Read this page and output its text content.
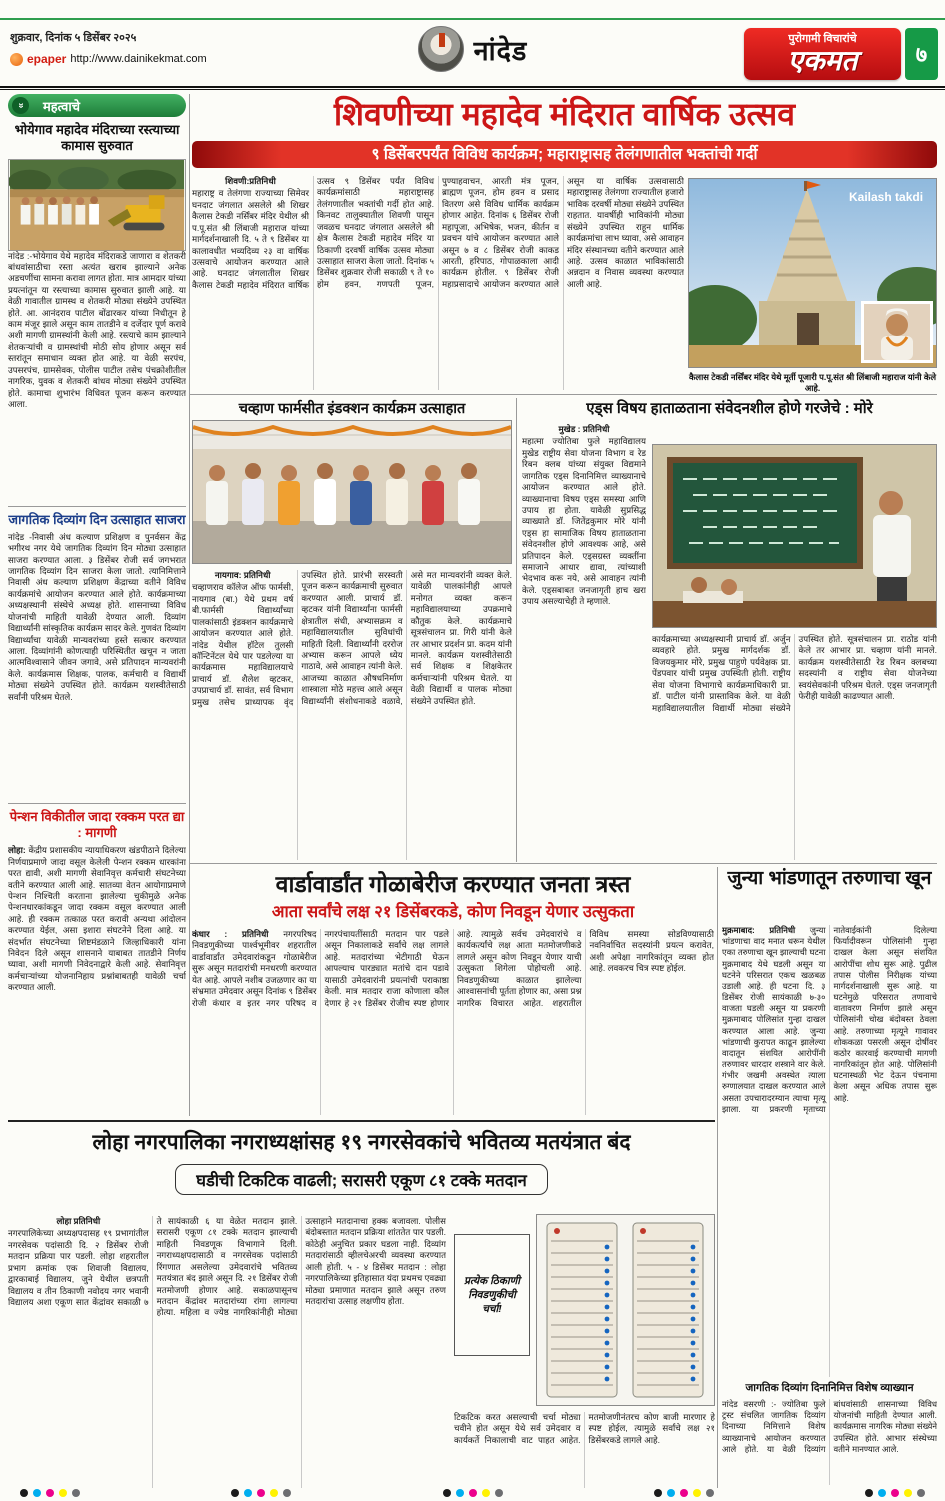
शुक्रवार, दिनांक ५ डिसेंबर २०२५
epaper http://www.dainikekmat.com	नांदेड	पुरोगामी विचारांचे
एकमत	७
» महत्वाचे
भोयेगाव महादेव मंदिराच्या रस्त्याच्या कामास सुरुवात
नांदेड :-भोयेगाव येथे महादेव मंदिराकडे जाणारा व शेतकरी बांधवांसाठीचा रस्ता अत्यंत खराब झाल्याने अनेक अडचणींचा सामना करावा लागत होता. मात्र आमदार यांच्या प्रयत्नांतून या रस्त्याच्या कामास सुरुवात झाली आहे. या वेळी गावातील ग्रामस्थ व शेतकरी मोठ्या संख्येने उपस्थित होते. आ. आनंदराव पाटील बोंढारकर यांच्या निधीतून हे काम मंजूर झाले असून काम तातडीने व दर्जेदार पूर्ण करावे अशी मागणी ग्रामस्थांनी केली आहे. रस्त्याचे काम झाल्याने शेतकऱ्यांची व ग्रामस्थांची मोठी सोय होणार असून सर्व स्तरांतून समाधान व्यक्त होत आहे. या वेळी सरपंच, उपसरपंच, ग्रामसेवक, पोलीस पाटील तसेच पंचक्रोशीतील नागरिक, युवक व शेतकरी बांधव मोठ्या संख्येने उपस्थित होते. कामाचा शुभारंभ विधिवत पूजन करून करण्यात आला.
जागतिक दिव्यांग दिन उत्साहात साजरा
नांदेड -निवासी अंध कल्याण प्रशिक्षण व पुनर्वसन केंद्र भगीरथ नगर येथे जागतिक दिव्यांग दिन मोठ्या उत्साहात साजरा करण्यात आला. ३ डिसेंबर रोजी सर्व जगभरात जागतिक दिव्यांग दिन साजरा केला जातो. त्यानिमित्ताने निवासी अंध कल्याण प्रशिक्षण केंद्राच्या वतीने विविध कार्यक्रमांचे आयोजन करण्यात आले होते. कार्यक्रमाच्या अध्यक्षस्थानी संस्थेचे अध्यक्ष होते. शासनाच्या विविध योजनांची माहिती यावेळी देण्यात आली. दिव्यांग विद्यार्थ्यांनी सांस्कृतिक कार्यक्रम सादर केले. गुणवंत दिव्यांग विद्यार्थ्यांचा यावेळी मान्यवरांच्या हस्ते सत्कार करण्यात आला. दिव्यांगांनी कोणत्याही परिस्थितीत खचून न जाता आत्मविश्वासाने जीवन जगावे, असे प्रतिपादन मान्यवरांनी केले. कार्यक्रमास शिक्षक, पालक, कर्मचारी व विद्यार्थी मोठ्या संख्येने उपस्थित होते. कार्यक्रम यशस्वीतेसाठी सर्वांनी परिश्रम घेतले.
पेन्शन विकीतील जादा रक्कम परत द्या : मागणी

लोहा: केंद्रीय प्रशासकीय न्यायाधिकरण खंडपीठाने दिलेल्या निर्णयाप्रमाणे जादा वसूल केलेली पेन्शन रक्कम धारकांना परत द्यावी, अशी मागणी सेवानिवृत्त कर्मचारी संघटनेच्या वतीने करण्यात आली आहे. सातव्या वेतन आयोगाप्रमाणे पेन्शन निश्चिती करताना झालेल्या चुकीमुळे अनेक पेन्शनधारकांकडून जादा रक्कम वसूल करण्यात आली आहे. ही रक्कम तत्काळ परत करावी अन्यथा आंदोलन करण्यात येईल, असा इशारा संघटनेने दिला आहे. या संदर्भात संघटनेच्या शिष्टमंडळाने जिल्हाधिकारी यांना निवेदन दिले असून शासनाने याबाबत तातडीने निर्णय घ्यावा, अशी मागणी निवेदनाद्वारे केली आहे. सेवानिवृत्त कर्मचाऱ्यांच्या योजनानिहाय प्रश्नांबाबतही यावेळी चर्चा करण्यात आली.

शिवणीच्या महादेव मंदिरात वार्षिक उत्सव
९ डिसेंबरपर्यंत विविध कार्यक्रम; महाराष्ट्रासह तेलंगणातील भक्तांची गर्दी
शिवणी:प्रतिनिधी
महाराष्ट्र व तेलंगणा राज्याच्या सिमेवर घनदाट जंगलात असलेले श्री शिखर कैलास टेकडी नर्सिंबर मंदिर येथील श्री प.पू.संत श्री लिंबाजी महाराज यांच्या मार्गदर्शनाखाली दि. ५ ते ९ डिसेंबर या कालावधीत भव्यदिव्य २३ वा वार्षिक उत्सवाचे आयोजन करण्यात आले आहे. घनदाट जंगलातील शिखर कैलास टेकडी महादेव मंदिरात वार्षिक उत्सव ९ डिसेंबर पर्यंत विविध कार्यक्रमांसाठी महाराष्ट्रासह तेलंगणातील भक्तांची गर्दी होत आहे. किनवट तालुक्यातील शिवणी पासून जवळच घनदाट जंगलात असलेले श्री क्षेत्र कैलास टेकडी महादेव मंदिर या ठिकाणी दरवर्षी वार्षिक उत्सव मोठ्या उत्साहात साजरा केला जातो. दिनांक ५ डिसेंबर शुक्रवार रोजी सकाळी ९ ते १० होम हवन, गणपती पूजन, पुण्याहवाचन, आरती मंत्र पूजन, ब्राह्मण पूजन, होम हवन व प्रसाद वितरण असे विविध धार्मिक कार्यक्रम होणार आहेत. दिनांक ६ डिसेंबर रोजी महापूजा, अभिषेक, भजन, कीर्तन व प्रवचन यांचे आयोजन करण्यात आले असून ७ व ८ डिसेंबर रोजी काकड आरती, हरिपाठ, गोपाळकाला आदी कार्यक्रम होतील. ९ डिसेंबर रोजी महाप्रसादाचे आयोजन करण्यात आले असून या वार्षिक उत्सवासाठी महाराष्ट्रासह तेलंगणा राज्यातील हजारो भाविक दरवर्षी मोठ्या संख्येने उपस्थित राहतात. यावर्षीही भाविकांनी मोठ्या संख्येने उपस्थित राहून धार्मिक कार्यक्रमांचा लाभ घ्यावा, असे आवाहन मंदिर संस्थानच्या वतीने करण्यात आले आहे. उत्सव काळात भाविकांसाठी अन्नदान व निवास व्यवस्था करण्यात आली आहे.
Kailash takdi
कैलास टेकडी नर्सिंबर मंदिर येथे मूर्ती पूजारी प.पू.संत श्री लिंबाजी महाराज यांनी केले आहे.
चव्हाण फार्मसीत इंडक्शन कार्यक्रम उत्साहात
नायगाव: प्रतिनिधी
चव्हाणराव कॉलेज ऑफ फार्मसी, नायगाव (बा.) येथे प्रथम वर्ष बी.फार्मसी विद्यार्थ्यांच्या पालकांसाठी इंडक्शन कार्यक्रमाचे आयोजन करण्यात आले होते. नांदेड येथील हॉटेल तुलसी कॉन्टिनेंटल येथे पार पडलेल्या या कार्यक्रमास महाविद्यालयाचे प्राचार्य डॉ. शैलेश व्हटकर, उपप्राचार्य डॉ. सावंत, सर्व विभाग प्रमुख तसेच प्राध्यापक वृंद उपस्थित होते. प्रारंभी सरस्वती पूजन करून कार्यक्रमाची सुरुवात करण्यात आली. प्राचार्य डॉ. व्हटकर यांनी विद्यार्थ्यांना फार्मसी क्षेत्रातील संधी, अभ्यासक्रम व महाविद्यालयातील सुविधांची माहिती दिली. विद्यार्थ्यांनी दररोज अभ्यास करून आपले ध्येय गाठावे, असे आवाहन त्यांनी केले. आजच्या काळात औषधनिर्माण शास्त्राला मोठे महत्त्व आले असून विद्यार्थ्यांनी संशोधनाकडे वळावे, असे मत मान्यवरांनी व्यक्त केले. यावेळी पालकांनीही आपले मनोगत व्यक्त करून महाविद्यालयाच्या उपक्रमाचे कौतुक केले. कार्यक्रमाचे सूत्रसंचालन प्रा. गिरी यांनी केले तर आभार प्रदर्शन प्रा. कदम यांनी मानले. कार्यक्रम यशस्वीतेसाठी सर्व शिक्षक व शिक्षकेतर कर्मचाऱ्यांनी परिश्रम घेतले. या वेळी विद्यार्थी व पालक मोठ्या संख्येने उपस्थित होते.
एड्स विषय हाताळताना संवेदनशील होणे गरजेचे : मोरे
मुखेड : प्रतिनिधी
महात्मा ज्योतिबा फुले महाविद्यालय मुखेड राष्ट्रीय सेवा योजना विभाग व रेड रिबन क्लब यांच्या संयुक्त विद्यमाने जागतिक एड्स दिनानिमित्त व्याख्यानाचे आयोजन करण्यात आले होते. व्याख्यानाचा विषय एड्स समस्या आणि उपाय हा होता. यावेळी सुप्रसिद्ध व्याख्याते डॉ. जितेंद्रकुमार मोरे यांनी एड्स हा सामाजिक विषय हाताळताना संवेदनशील होणे आवश्यक आहे, असे प्रतिपादन केले. एड्सग्रस्त व्यक्तींना समाजाने आधार द्यावा, त्यांच्याशी भेदभाव करू नये, असे आवाहन त्यांनी केले. एड्सबाबत जनजागृती हाच खरा उपाय असल्याचेही ते म्हणाले.
कार्यक्रमाच्या अध्यक्षस्थानी प्राचार्य डॉ. अर्जुन व्यवहारे होते. प्रमुख मार्गदर्शक डॉ. विजयकुमार मोरे, प्रमुख पाहुणे पर्यवेक्षक प्रा. पेंडपवार यांची प्रमुख उपस्थिती होती. राष्ट्रीय सेवा योजना विभागाचे कार्यक्रमाधिकारी प्रा. डॉ. पाटील यांनी प्रास्ताविक केले. या वेळी महाविद्यालयातील विद्यार्थी मोठ्या संख्येने उपस्थित होते. सूत्रसंचालन प्रा. राठोड यांनी केले तर आभार प्रा. चव्हाण यांनी मानले. कार्यक्रम यशस्वीतेसाठी रेड रिबन क्लबच्या सदस्यांनी व राष्ट्रीय सेवा योजनेच्या स्वयंसेवकांनी परिश्रम घेतले. एड्स जनजागृती फेरीही यावेळी काढण्यात आली.
वार्डावार्डांत गोळाबेरीज करण्यात जनता त्रस्त
आता सर्वांचे लक्ष २१ डिसेंबरकडे, कोण निवडून येणार उत्सुकता
कंधार : प्रतिनिधी नगरपरिषद निवडणुकीच्या पार्श्वभूमीवर शहरातील वार्डावार्डांत उमेदवारांकडून गोळाबेरीज सुरू असून मतदारांची मनधरणी करण्यात येत आहे. आपले नशीब उजळणार का या संभ्रमात उमेदवार असून दिनांक ९ डिसेंबर रोजी कंधार व इतर नगर परिषद व नगरपंचायतींसाठी मतदान पार पडले असून निकालाकडे सर्वांचे लक्ष लागले आहे. मतदारांच्या भेटीगाठी घेऊन आपल्याच पारड्यात मतांचे दान पडावे यासाठी उमेदवारांनी प्रयत्नांची पराकाष्ठा केली. मात्र मतदार राजा कोणाला कौल देणार हे २१ डिसेंबर रोजीच स्पष्ट होणार आहे. त्यामुळे सर्वच उमेदवारांचे व कार्यकर्त्यांचे लक्ष आता मतमोजणीकडे लागले असून कोण निवडून येणार याची उत्सुकता शिगेला पोहोचली आहे. निवडणुकीच्या काळात झालेल्या आश्वासनांची पूर्तता होणार का, असा प्रश्न नागरिक विचारत आहेत. शहरातील विविध समस्या सोडविण्यासाठी नवनिर्वाचित सदस्यांनी प्रयत्न करावेत, अशी अपेक्षा नागरिकांतून व्यक्त होत आहे. लवकरच चित्र स्पष्ट होईल.
जुन्या भांडणातून तरुणाचा खून
मुक्रमाबाद: प्रतिनिधी जुन्या भांडणाचा वाद मनात धरून येथील एका तरुणाचा खून झाल्याची घटना मुक्रमाबाद येथे घडली असून या घटनेने परिसरात एकच खळबळ उडाली आहे. ही घटना दि. ३ डिसेंबर रोजी सायंकाळी ७-३० वाजता घडली असून या प्रकरणी मुक्रमाबाद पोलिसांत गुन्हा दाखल करण्यात आला आहे. जुन्या भांडणाची कुरापत काढून झालेल्या वादातून संशयित आरोपींनी तरुणावर धारदार शस्त्राने वार केले. गंभीर जखमी अवस्थेत त्याला रुग्णालयात दाखल करण्यात आले असता उपचारादरम्यान त्याचा मृत्यू झाला. या प्रकरणी मृताच्या नातेवाईकांनी दिलेल्या फिर्यादीवरून पोलिसांनी गुन्हा दाखल केला असून संशयित आरोपींचा शोध सुरू आहे. पुढील तपास पोलीस निरीक्षक यांच्या मार्गदर्शनाखाली सुरू आहे. या घटनेमुळे परिसरात तणावाचे वातावरण निर्माण झाले असून पोलिसांनी चोख बंदोबस्त ठेवला आहे. तरुणाच्या मृत्यूने गावावर शोककळा पसरली असून दोषींवर कठोर कारवाई करण्याची मागणी नागरिकांतून होत आहे. पोलिसांनी घटनास्थळी भेट देऊन पंचनामा केला असून अधिक तपास सुरू आहे.
जागतिक दिव्यांग दिनानिमित्त विशेष व्याख्यान
नांदेड वसरणी :- ज्योतिबा फुले ट्रस्ट संचलित जागतिक दिव्यांग दिनाच्या निमित्ताने विशेष व्याख्यानाचे आयोजन करण्यात आले होते. या वेळी दिव्यांग बांधवांसाठी शासनाच्या विविध योजनांची माहिती देण्यात आली. कार्यक्रमास नागरिक मोठ्या संख्येने उपस्थित होते. आभार संस्थेच्या वतीने मानण्यात आले.
लोहा नगरपालिका नगराध्यक्षांसह १९ नगरसेवकांचे भवितव्य मतयंत्रात बंद
घडीची टिकटिक वाढली; सरासरी एकूण ८१ टक्के मतदान
लोहा प्रतिनिधी
नगरपालिकेच्या अध्यक्षपदासह १९ प्रभागांतील नगरसेवक पदांसाठी दि. २ डिसेंबर रोजी मतदान प्रक्रिया पार पडली. लोहा शहरातील प्रभाग क्रमांक एक शिवाजी विद्यालय, द्वारकाबाई विद्यालय, जुने येथील छत्रपती विद्यालय व तीन ठिकाणी नवोदय नगर भवानी विद्यालय अशा एकूण सात केंद्रांवर सकाळी ७ ते सायंकाळी ६ या वेळेत मतदान झाले. सरासरी एकूण ८१ टक्के मतदान झाल्याची माहिती निवडणूक विभागाने दिली. नगराध्यक्षपदासाठी व नगरसेवक पदांसाठी रिंगणात असलेल्या उमेदवारांचे भवितव्य मतयंत्रात बंद झाले असून दि. २१ डिसेंबर रोजी मतमोजणी होणार आहे. सकाळपासूनच मतदान केंद्रांवर मतदारांच्या रांगा लागल्या होत्या. महिला व ज्येष्ठ नागरिकांनीही मोठ्या उत्साहाने मतदानाचा हक्क बजावला. पोलीस बंदोबस्तात मतदान प्रक्रिया शांततेत पार पडली. कोठेही अनुचित प्रकार घडला नाही. दिव्यांग मतदारांसाठी व्हीलचेअरची व्यवस्था करण्यात आली होती. ५ - ४ डिसेंबर मतदान : लोहा नगरपालिकेच्या इतिहासात यंदा प्रथमच एवढ्या मोठ्या प्रमाणात मतदान झाले असून तरुण मतदारांचा उत्साह लक्षणीय होता.
प्रत्येक ठिकाणी निवडणुकीची चर्चा!
टिकटिक करत असल्याची चर्चा मोठ्या चवीने होत असून येथे सर्व उमेदवार व कार्यकर्ते निकालाची वाट पाहत आहेत. मतमोजणीनंतरच कोण बाजी मारणार हे स्पष्ट होईल, त्यामुळे सर्वांचे लक्ष २१ डिसेंबरकडे लागले आहे.
